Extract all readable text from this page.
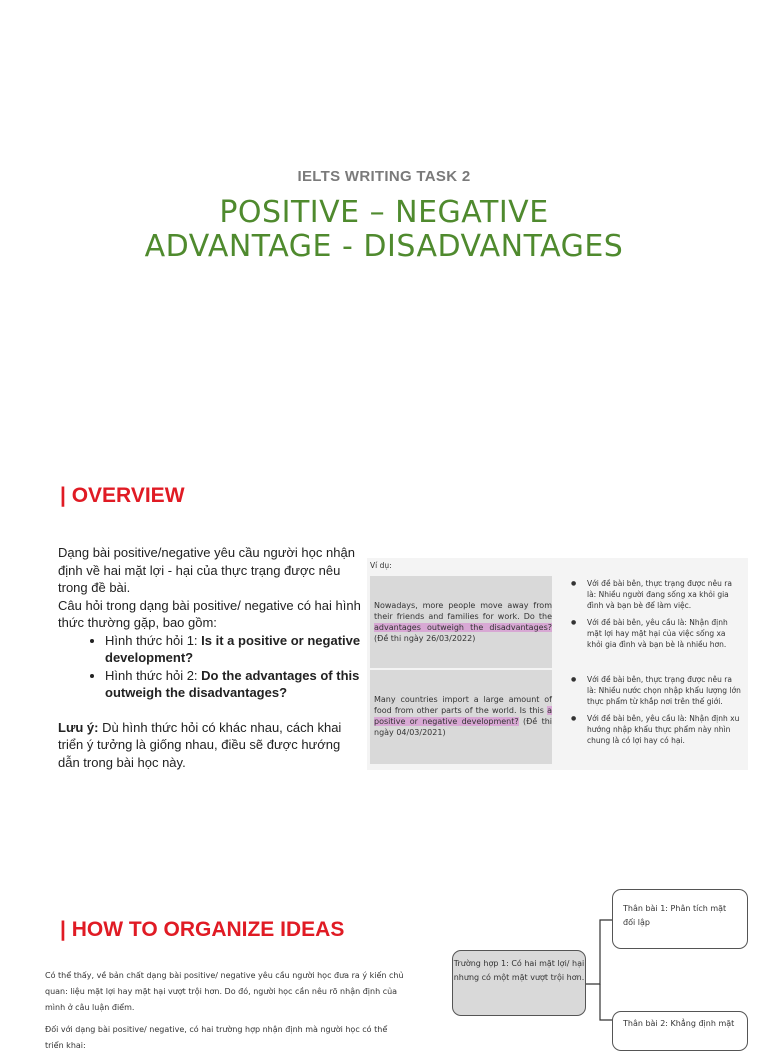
IELTS WRITING TASK 2
POSITIVE – NEGATIVE
ADVANTAGE - DISADVANTAGES
| OVERVIEW

Dạng bài positive/negative yêu cầu người học nhận định về hai mặt lợi - hại của thực trạng được nêu trong đề bài.

Câu hỏi trong dạng bài positive/ negative có hai hình thức thường gặp, bao gồm:

• Hình thức hỏi 1: Is it a positive or negative development?
• Hình thức hỏi 2: Do the advantages of this outweigh the disadvantages?

Lưu ý: Dù hình thức hỏi có khác nhau, cách khai triển ý tưởng là giống nhau, điều sẽ được hướng dẫn trong bài học này.

Ví dụ:
Nowadays, more people move away from their friends and families for work. Do the advantages outweigh the disadvantages? (Đề thi ngày 26/03/2022)
Many countries import a large amount of food from other parts of the world. Is this a positive or negative development? (Đề thi ngày 04/03/2021)
● Với đề bài bên, thực trạng được nêu ra là: Nhiều người đang sống xa khỏi gia đình và bạn bè để làm việc.
● Với đề bài bên, yêu cầu là: Nhận định mặt lợi hay mặt hại của việc sống xa khỏi gia đình và bạn bè là nhiều hơn.
● Với đề bài bên, thực trạng được nêu ra là: Nhiều nước chọn nhập khẩu lượng lớn thực phẩm từ khắp nơi trên thế giới.
● Với đề bài bên, yêu cầu là: Nhận định xu hướng nhập khẩu thực phẩm này nhìn chung là có lợi hay có hại.
| HOW TO ORGANIZE IDEAS

Có thể thấy, về bản chất dạng bài positive/ negative yêu cầu người học đưa ra ý kiến chủ quan: liệu mặt lợi hay mặt hại vượt trội hơn. Do đó, người học cần nêu rõ nhận định của mình ở câu luận điểm.

Đối với dạng bài positive/ negative, có hai trường hợp nhận định mà người học có thể triển khai:

Trường hợp 1: Có hai mặt lợi/ hại nhưng có một mặt vượt trội hơn.
Thân bài 1: Phân tích mặt đối lập
Thân bài 2: Khẳng định mặt
